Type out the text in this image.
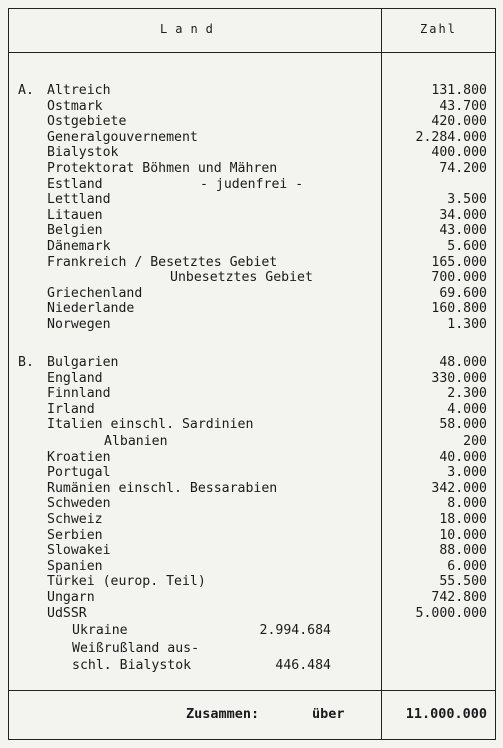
Land	Zahl
A. Altreich	131.800
Ostmark	43.700
Ostgebiete	420.000
Generalgouvernement	2.284.000
Bialystok	400.000
Protektorat Böhmen und Mähren	74.200
Estland	- judenfrei -
Lettland	3.500
Litauen	34.000
Belgien	43.000
Dänemark	5.600
Frankreich / Besetztes Gebiet	165.000
Unbesetztes Gebiet	700.000
Griechenland	69.600
Niederlande	160.800
Norwegen	1.300
B. Bulgarien	48.000
England	330.000
Finnland	2.300
Irland	4.000
Italien einschl. Sardinien	58.000
Albanien	200
Kroatien	40.000
Portugal	3.000
Rumänien einschl. Bessarabien	342.000
Schweden	8.000
Schweiz	18.000
Serbien	10.000
Slowakei	88.000
Spanien	6.000
Türkei (europ. Teil)	55.500
Ungarn	742.800
UdSSR	5.000.000
Ukraine	2.994.684
Weißrußland aus-
schl. Bialystok	446.484
Zusammen:	über	11.000.000
